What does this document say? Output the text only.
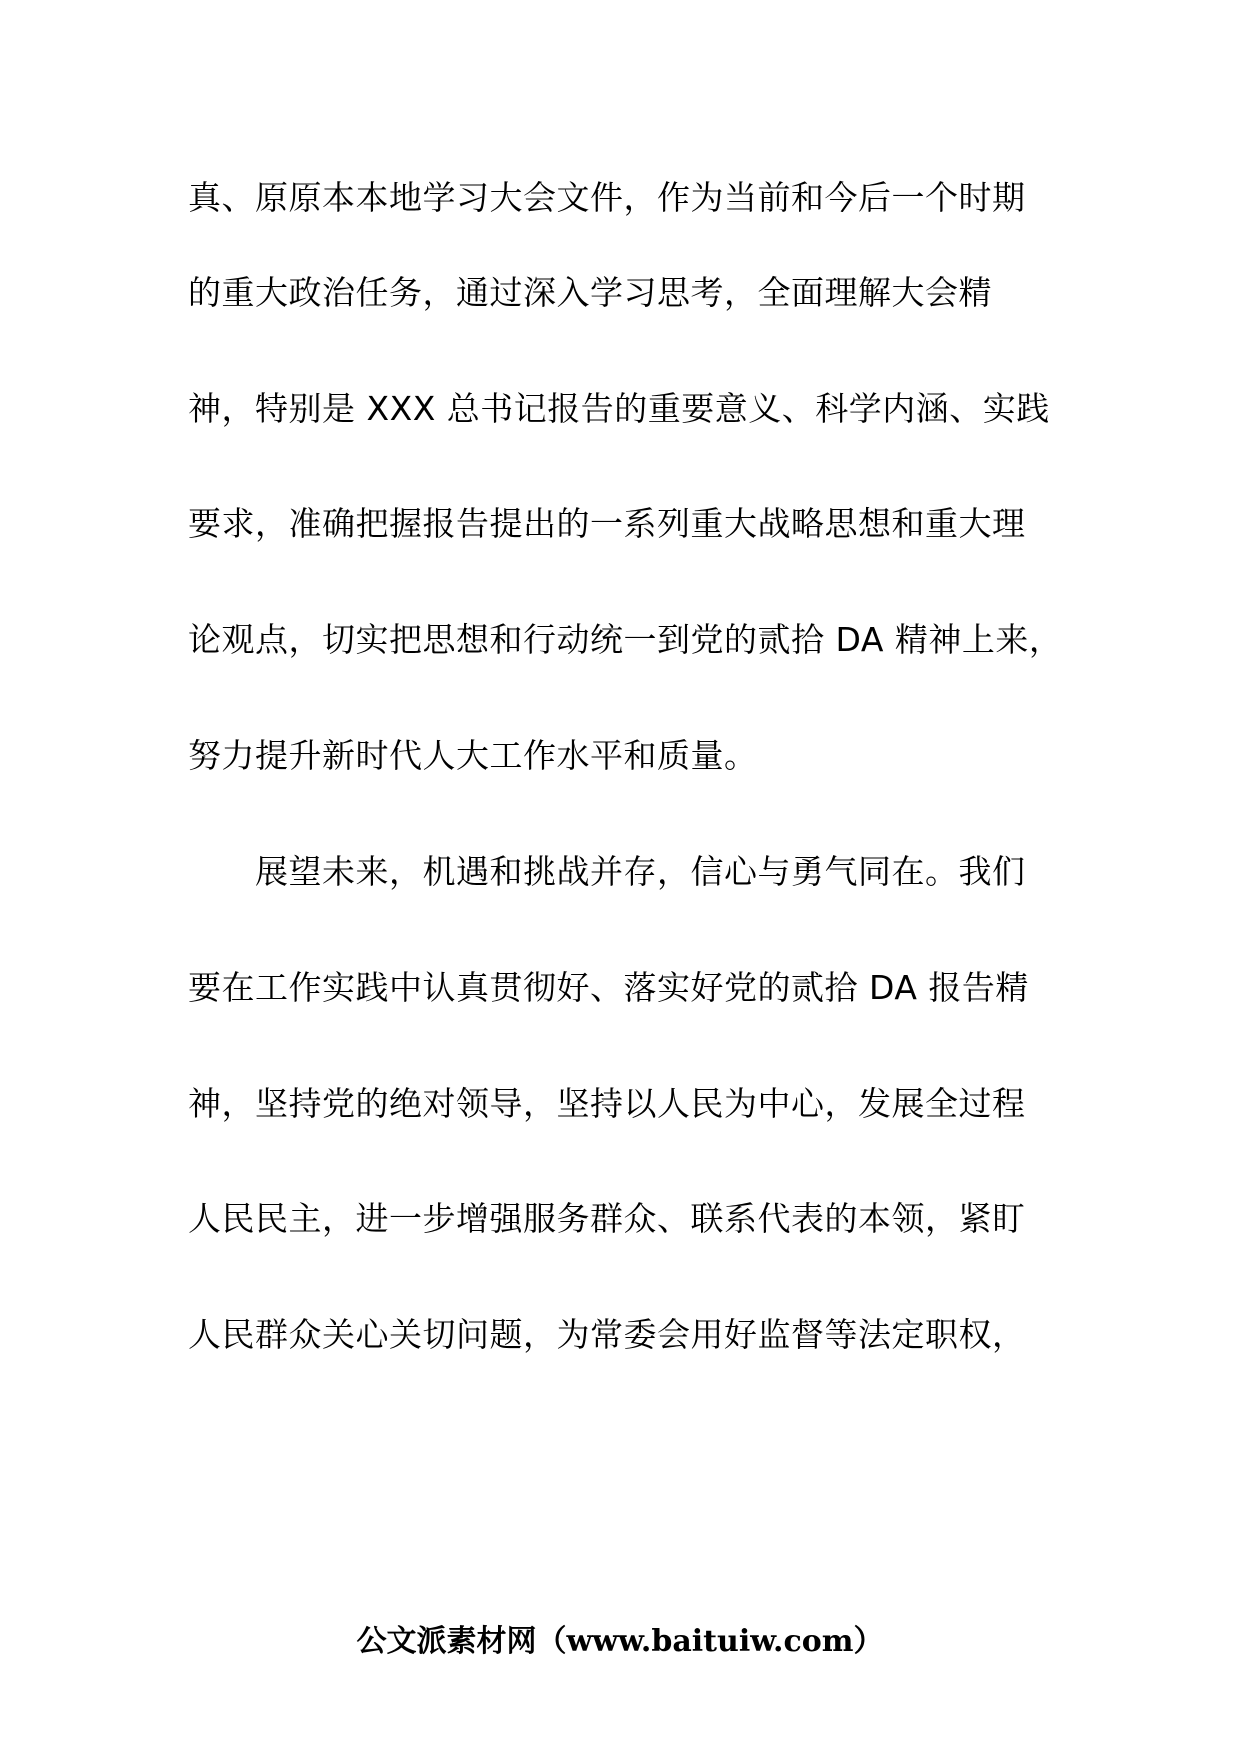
真、原原本本地学习大会文件，作为当前和今后一个时期
的重大政治任务，通过深入学习思考，全面理解大会精
神，特别是 XXX 总书记报告的重要意义、科学内涵、实践
要求，准确把握报告提出的一系列重大战略思想和重大理
论观点，切实把思想和行动统一到党的贰拾 DA 精神上来，
努力提升新时代人大工作水平和质量。
展望未来，机遇和挑战并存，信心与勇气同在。我们
要在工作实践中认真贯彻好、落实好党的贰拾 DA 报告精
神，坚持党的绝对领导，坚持以人民为中心，发展全过程
人民民主，进一步增强服务群众、联系代表的本领，紧盯
人民群众关心关切问题，为常委会用好监督等法定职权，
公文派素材网（www.baituiw.com）
